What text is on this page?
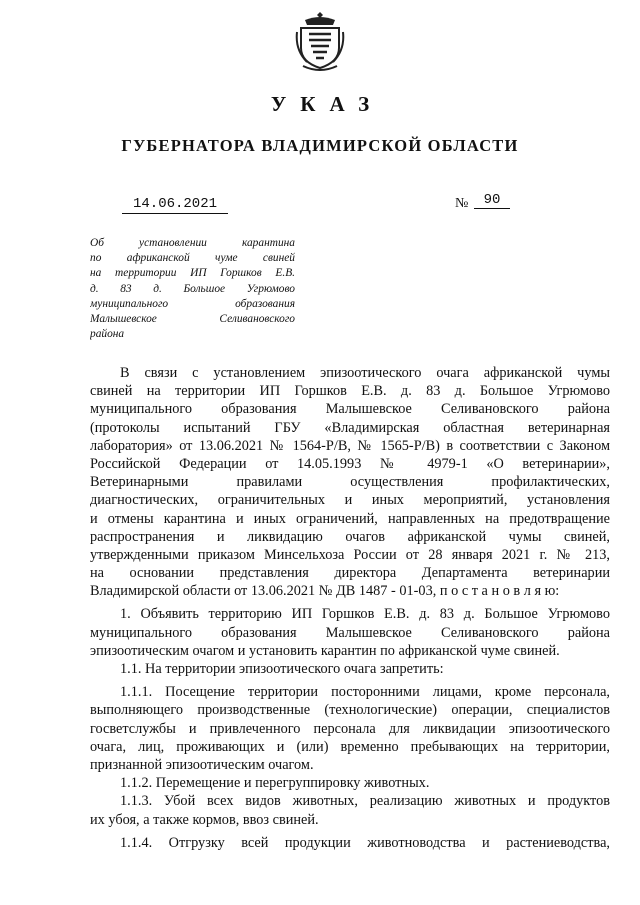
УКАЗ
ГУБЕРНАТОРА ВЛАДИМИРСКОЙ ОБЛАСТИ
14.06.2021	№	90
Об установлении карантина
по африканской чуме свиней
на территории ИП Горшков Е.В.
д. 83 д. Большое Угрюмово
муниципального образования
Малышевское Селивановского
района
В связи с установлением эпизоотического очага африканской чумы
свиней на территории ИП Горшков Е.В. д. 83 д. Большое Угрюмово
муниципального образования Малышевское Селивановского района
(протоколы испытаний ГБУ «Владимирская областная ветеринарная
лаборатория» от 13.06.2021 № 1564-Р/В, № 1565-Р/В) в соответствии с Законом
Российской Федерации от 14.05.1993 № 4979-1 «О ветеринарии»,
Ветеринарными правилами осуществления профилактических,
диагностических, ограничительных и иных мероприятий, установления
и отмены карантина и иных ограничений, направленных на предотвращение
распространения и ликвидацию очагов африканской чумы свиней,
утвержденными приказом Минсельхоза России от 28 января 2021 г. № 213,
на основании представления директора Департамента ветеринарии
Владимирской области от 13.06.2021 № ДВ 1487 - 01-03, п о с т а н о в л я ю:
1. Объявить территорию ИП Горшков Е.В. д. 83 д. Большое Угрюмово
муниципального образования Малышевское Селивановского района
эпизоотическим очагом и установить карантин по африканской чуме свиней.
1.1. На территории эпизоотического очага запретить:
1.1.1. Посещение территории посторонними лицами, кроме персонала,
выполняющего производственные (технологические) операции, специалистов
госветслужбы и привлеченного персонала для ликвидации эпизоотического
очага, лиц, проживающих и (или) временно пребывающих на территории,
признанной эпизоотическим очагом.
1.1.2. Перемещение и перегруппировку животных.
1.1.3. Убой всех видов животных, реализацию животных и продуктов
их убоя, а также кормов, ввоз свиней.
1.1.4. Отгрузку всей продукции животноводства и растениеводства,
